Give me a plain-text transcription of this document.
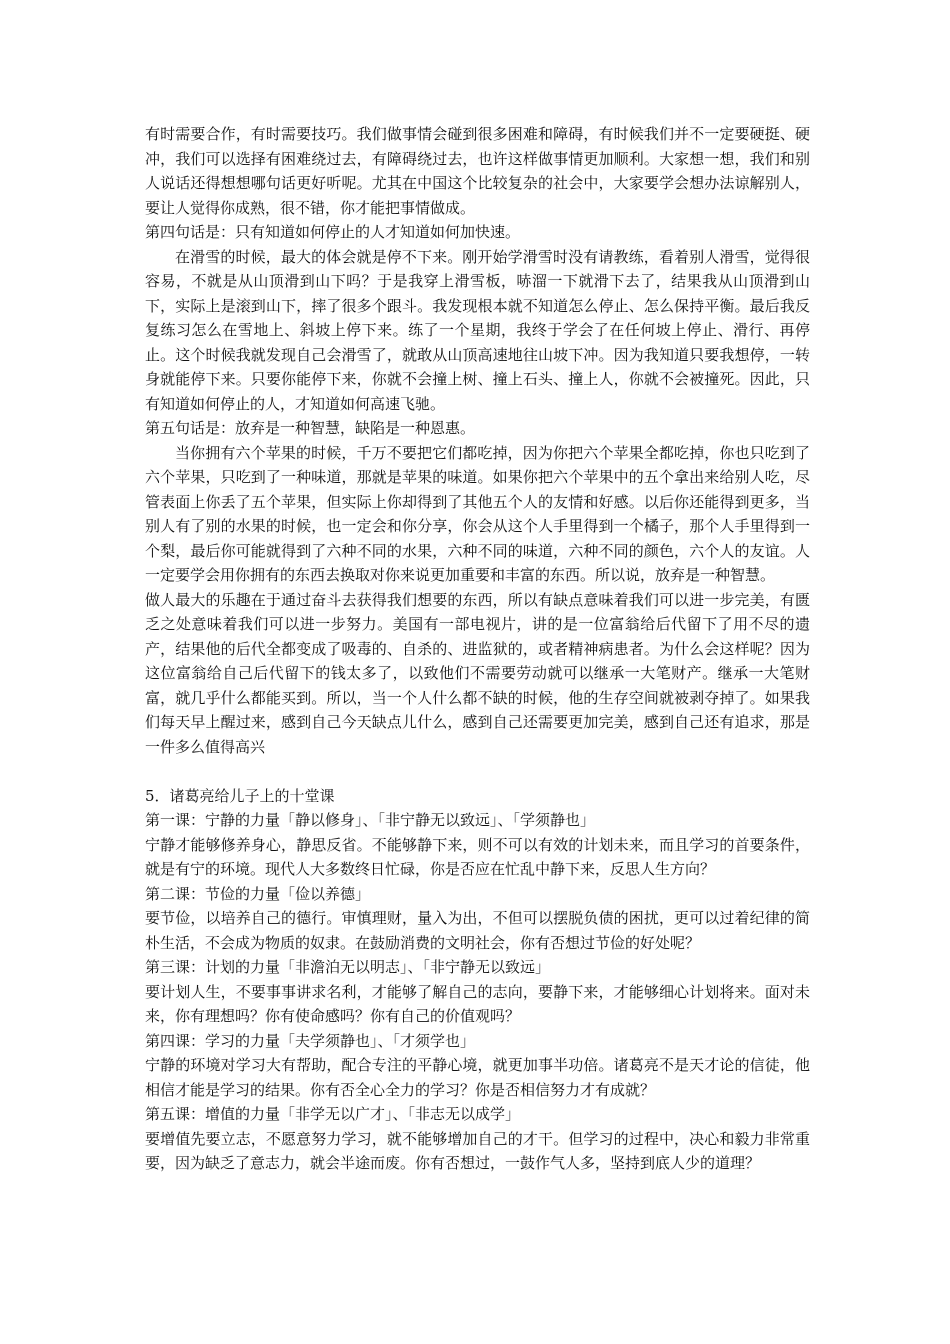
有时需要合作，有时需要技巧。我们做事情会碰到很多困难和障碍，有时候我们并不一定要硬挺、硬冲，我们可以选择有困难绕过去，有障碍绕过去，也许这样做事情更加顺利。大家想一想，我们和别人说话还得想想哪句话更好听呢。尤其在中国这个比较复杂的社会中，大家要学会想办法谅解别人，要让人觉得你成熟，很不错，你才能把事情做成。

第四句话是：只有知道如何停止的人才知道如何加快速。

在滑雪的时候，最大的体会就是停不下来。刚开始学滑雪时没有请教练，看着别人滑雪，觉得很容易，不就是从山顶滑到山下吗？于是我穿上滑雪板，哧溜一下就滑下去了，结果我从山顶滑到山下，实际上是滚到山下，摔了很多个跟斗。我发现根本就不知道怎么停止、怎么保持平衡。最后我反复练习怎么在雪地上、斜坡上停下来。练了一个星期，我终于学会了在任何坡上停止、滑行、再停止。这个时候我就发现自己会滑雪了，就敢从山顶高速地往山坡下冲。因为我知道只要我想停，一转身就能停下来。只要你能停下来，你就不会撞上树、撞上石头、撞上人，你就不会被撞死。因此，只有知道如何停止的人，才知道如何高速飞驰。

第五句话是：放弃是一种智慧，缺陷是一种恩惠。

当你拥有六个苹果的时候，千万不要把它们都吃掉，因为你把六个苹果全都吃掉，你也只吃到了六个苹果，只吃到了一种味道，那就是苹果的味道。如果你把六个苹果中的五个拿出来给别人吃，尽管表面上你丢了五个苹果，但实际上你却得到了其他五个人的友情和好感。以后你还能得到更多，当别人有了别的水果的时候，也一定会和你分享，你会从这个人手里得到一个橘子，那个人手里得到一个梨，最后你可能就得到了六种不同的水果，六种不同的味道，六种不同的颜色，六个人的友谊。人一定要学会用你拥有的东西去换取对你来说更加重要和丰富的东西。所以说，放弃是一种智慧。

做人最大的乐趣在于通过奋斗去获得我们想要的东西，所以有缺点意味着我们可以进一步完美，有匮乏之处意味着我们可以进一步努力。美国有一部电视片，讲的是一位富翁给后代留下了用不尽的遗产，结果他的后代全都变成了吸毒的、自杀的、进监狱的，或者精神病患者。为什么会这样呢？因为这位富翁给自己后代留下的钱太多了，以致他们不需要劳动就可以继承一大笔财产。继承一大笔财富，就几乎什么都能买到。所以，当一个人什么都不缺的时候，他的生存空间就被剥夺掉了。如果我们每天早上醒过来，感到自己今天缺点儿什么，感到自己还需要更加完美，感到自己还有追求，那是一件多么值得高兴

5．诸葛亮给儿子上的十堂课

第一课：宁静的力量「静以修身」、「非宁静无以致远」、「学须静也」

宁静才能够修养身心，静思反省。不能够静下来，则不可以有效的计划未来，而且学习的首要条件，就是有宁的环境。现代人大多数终日忙碌，你是否应在忙乱中静下来，反思人生方向？

第二课：节俭的力量「俭以养德」

要节俭，以培养自己的德行。审慎理财，量入为出，不但可以摆脱负债的困扰，更可以过着纪律的简朴生活，不会成为物质的奴隶。在鼓励消费的文明社会，你有否想过节俭的好处呢？

第三课：计划的力量「非澹泊无以明志」、「非宁静无以致远」

要计划人生，不要事事讲求名利，才能够了解自己的志向，要静下来，才能够细心计划将来。面对未来，你有理想吗？你有使命感吗？你有自己的价值观吗？

第四课：学习的力量「夫学须静也」、「才须学也」

宁静的环境对学习大有帮助，配合专注的平静心境，就更加事半功倍。诸葛亮不是天才论的信徒，他相信才能是学习的结果。你有否全心全力的学习？你是否相信努力才有成就？

第五课：增值的力量「非学无以广才」、「非志无以成学」

要增值先要立志，不愿意努力学习，就不能够增加自己的才干。但学习的过程中，决心和毅力非常重要，因为缺乏了意志力，就会半途而废。你有否想过，一鼓作气人多，坚持到底人少的道理？
